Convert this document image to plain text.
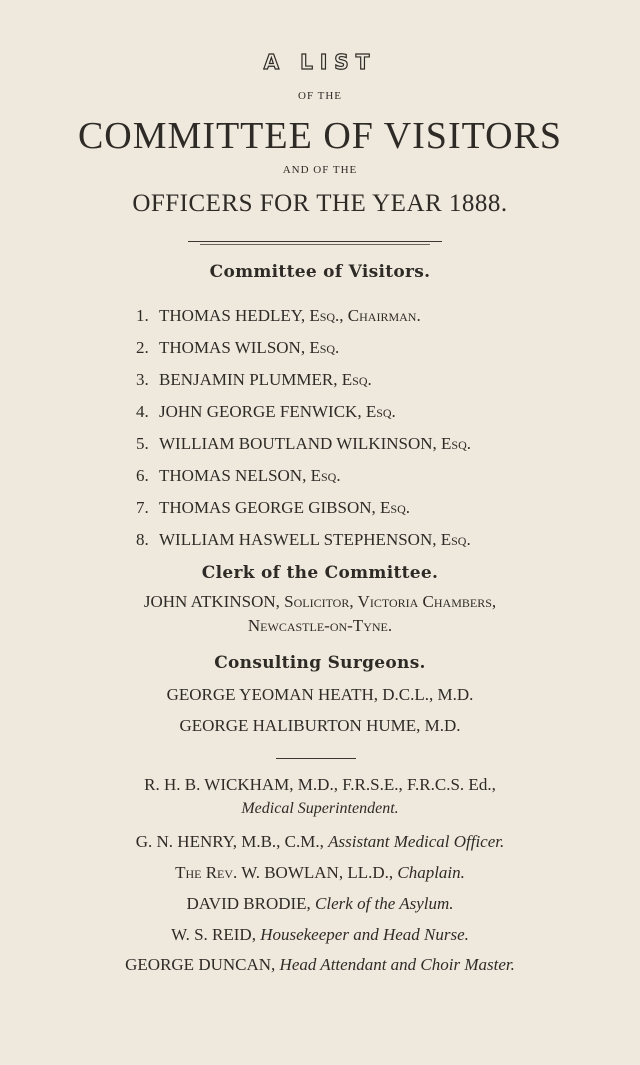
A LIST
OF THE
COMMITTEE OF VISITORS
AND OF THE
OFFICERS FOR THE YEAR 1888.
Committee of Visitors.
1. THOMAS HEDLEY, Esq., Chairman.
2. THOMAS WILSON, Esq.
3. BENJAMIN PLUMMER, Esq.
4. JOHN GEORGE FENWICK, Esq.
5. WILLIAM BOUTLAND WILKINSON, Esq.
6. THOMAS NELSON, Esq.
7. THOMAS GEORGE GIBSON, Esq.
8. WILLIAM HASWELL STEPHENSON, Esq.
Clerk of the Committee.
JOHN ATKINSON, Solicitor, Victoria Chambers,
Newcastle-on-Tyne.
Consulting Surgeons.
GEORGE YEOMAN HEATH, D.C.L., M.D.
GEORGE HALIBURTON HUME, M.D.
R. H. B. WICKHAM, M.D., F.R.S.E., F.R.C.S. Ed.,
Medical Superintendent.
G. N. HENRY, M.B., C.M., Assistant Medical Officer.
The Rev. W. BOWLAN, LL.D., Chaplain.
DAVID BRODIE, Clerk of the Asylum.
W. S. REID, Housekeeper and Head Nurse.
GEORGE DUNCAN, Head Attendant and Choir Master.
